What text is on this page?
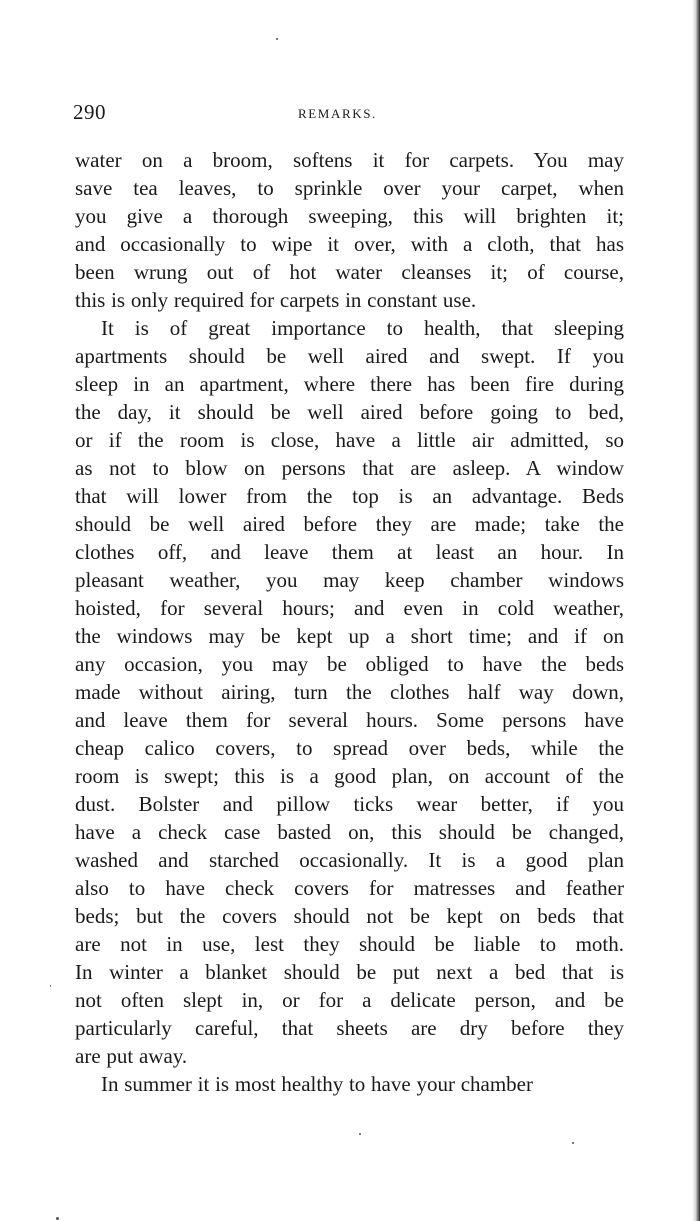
290	REMARKS.
water on a broom, softens it for carpets. You may
save tea leaves, to sprinkle over your carpet, when
you give a thorough sweeping, this will brighten it;
and occasionally to wipe it over, with a cloth, that has
been wrung out of hot water cleanses it; of course,
this is only required for carpets in constant use.
It is of great importance to health, that sleeping
apartments should be well aired and swept. If you
sleep in an apartment, where there has been fire during
the day, it should be well aired before going to bed,
or if the room is close, have a little air admitted, so
as not to blow on persons that are asleep. A window
that will lower from the top is an advantage. Beds
should be well aired before they are made; take the
clothes off, and leave them at least an hour. In
pleasant weather, you may keep chamber windows
hoisted, for several hours; and even in cold weather,
the windows may be kept up a short time; and if on
any occasion, you may be obliged to have the beds
made without airing, turn the clothes half way down,
and leave them for several hours. Some persons have
cheap calico covers, to spread over beds, while the
room is swept; this is a good plan, on account of the
dust. Bolster and pillow ticks wear better, if you
have a check case basted on, this should be changed,
washed and starched occasionally. It is a good plan
also to have check covers for matresses and feather
beds; but the covers should not be kept on beds that
are not in use, lest they should be liable to moth.
In winter a blanket should be put next a bed that is
not often slept in, or for a delicate person, and be
particularly careful, that sheets are dry before they
are put away.
In summer it is most healthy to have your chamber
